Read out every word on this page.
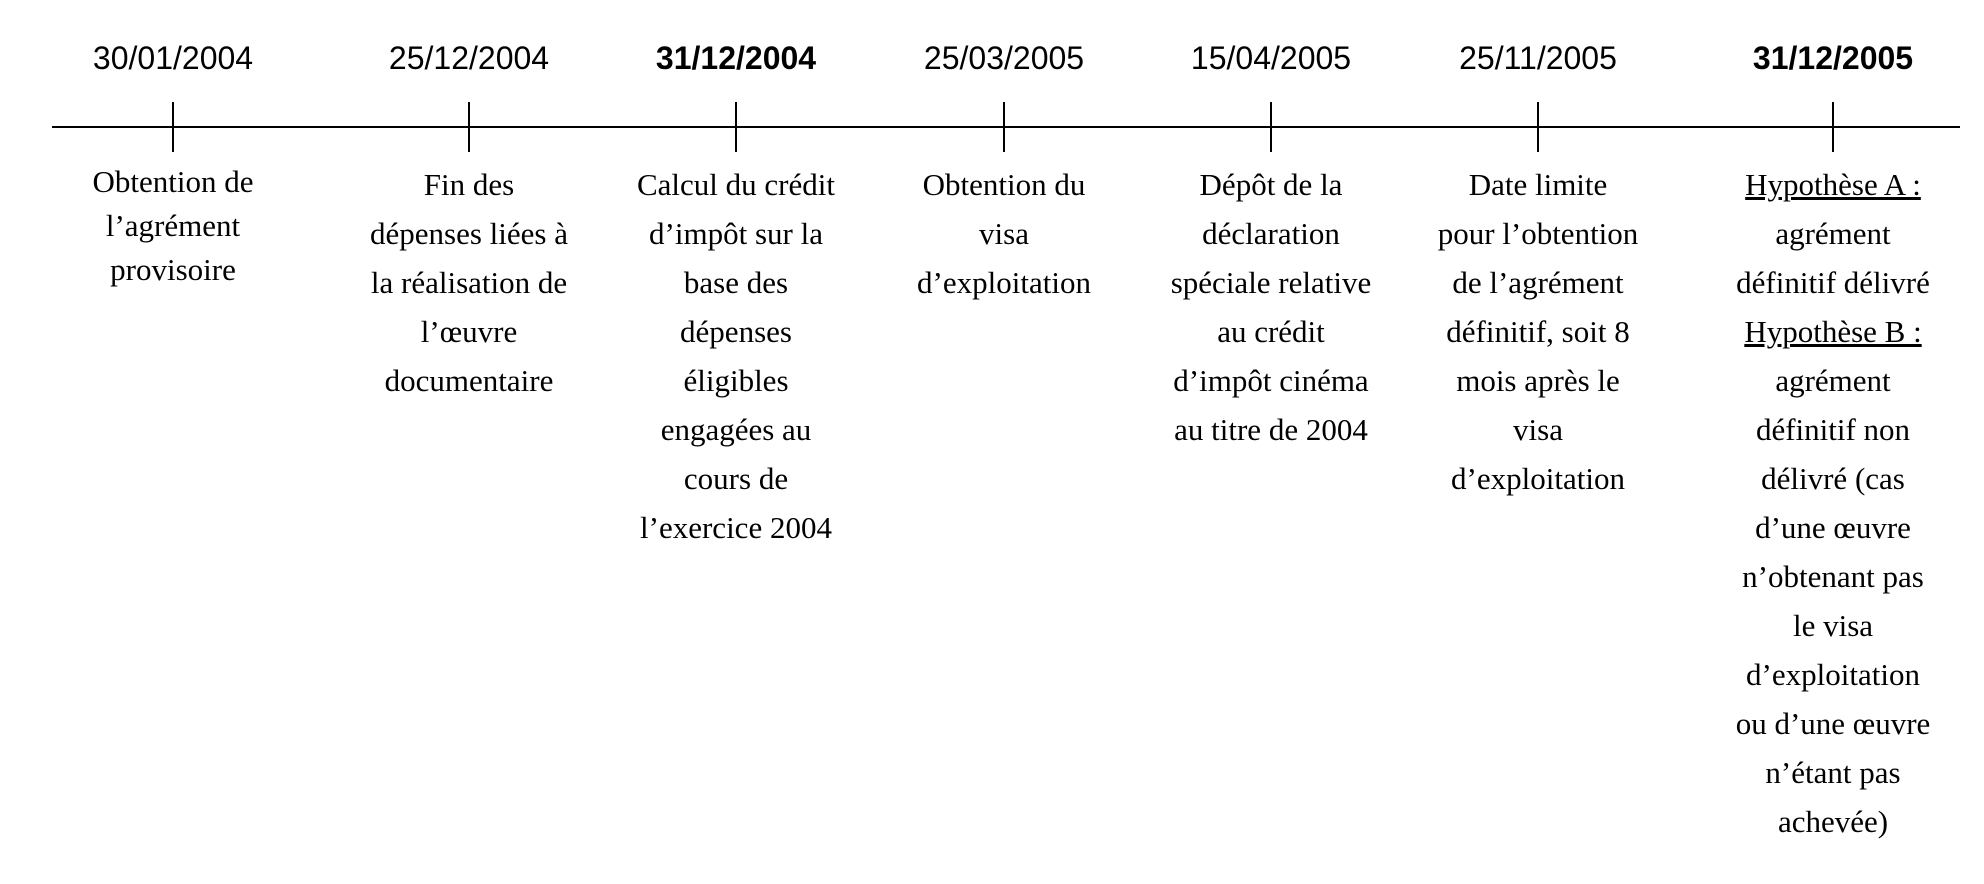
30/01/2004
Obtention de
l’agrément
provisoire
25/12/2004
Fin des
dépenses liées à
la réalisation de
l’œuvre
documentaire
31/12/2004
Calcul du crédit
d’impôt sur la
base des
dépenses
éligibles
engagées au
cours de
l’exercice 2004
25/03/2005
Obtention du
visa
d’exploitation
15/04/2005
Dépôt de la
déclaration
spéciale relative
au crédit
d’impôt cinéma
au titre de 2004
25/11/2005
Date limite
pour l’obtention
de l’agrément
définitif, soit 8
mois après le
visa
d’exploitation
31/12/2005
Hypothèse A :
agrément
définitif délivré
Hypothèse B :
agrément
définitif non
délivré (cas
d’une œuvre
n’obtenant pas
le visa
d’exploitation
ou d’une œuvre
n’étant pas
achevée)
